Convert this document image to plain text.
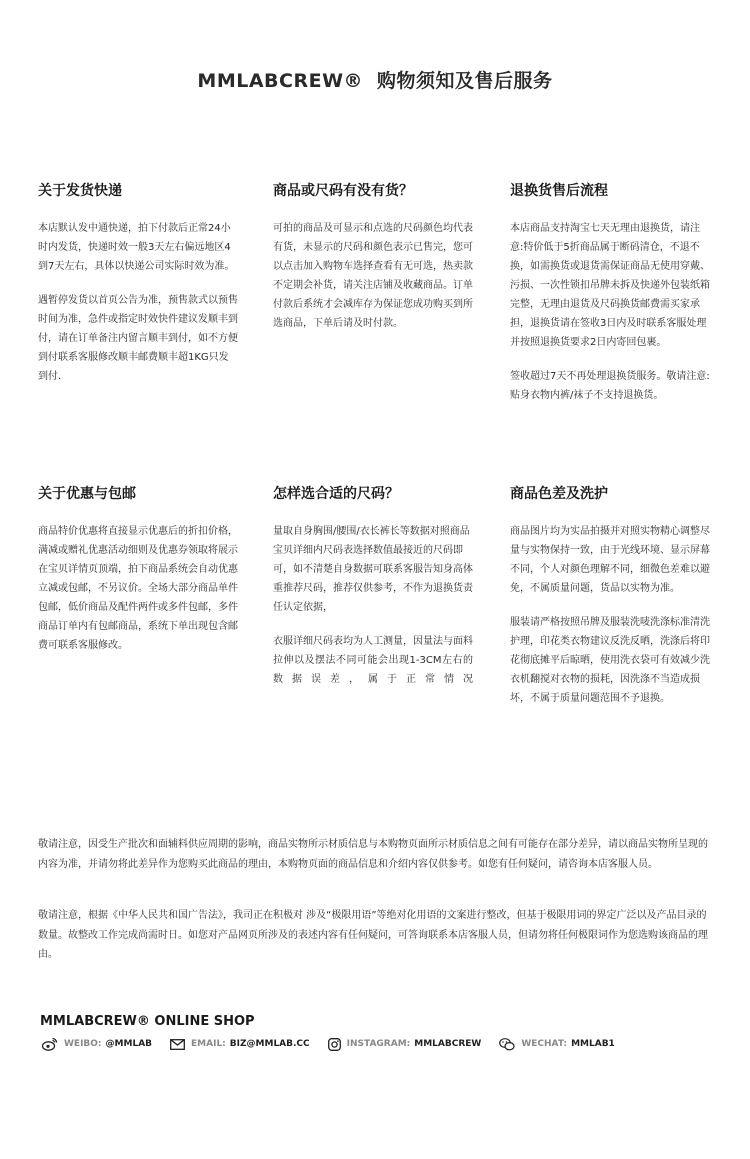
MMLABCREW® 购物须知及售后服务
关于发货快递

本店默认发中通快递，拍下付款后正常24小时内发货，快递时效一般3天左右偏远地区4到7天左右，具体以快递公司实际时效为准。

遇暂停发货以首页公告为准，预售款式以预售时间为准，急件或指定时效快件建议发顺丰到付，请在订单备注内留言顺丰到付，如不方便到付联系客服修改顺丰邮费顺丰超1KG只发到付.

商品或尺码有没有货？

可拍的商品及可显示和点选的尺码颜色均代表有货，未显示的尺码和颜色表示已售完，您可以点击加入购物车选择查看有无可选，热卖款不定期会补货，请关注店铺及收藏商品。订单付款后系统才会减库存为保证您成功购买到所选商品，下单后请及时付款。

退换货售后流程

本店商品支持淘宝七天无理由退换货，请注意:特价低于5折商品属于断码清仓，不退不换，如需换货或退货需保证商品无使用穿戴、污损、一次性锁扣吊牌未拆及快递外包装纸箱完整，无理由退货及尺码换货邮费需买家承担，退换货请在签收3日内及时联系客服处理并按照退换货要求2日内寄回包裹。

签收超过7天不再处理退换货服务。敬请注意:贴身衣物内裤/袜子不支持退换货。

关于优惠与包邮

商品特价优惠将直接显示优惠后的折扣价格，满减或赠礼优惠活动细则及优惠券领取将展示在宝贝详情页顶端，拍下商品系统会自动优惠立减或包邮，不另议价。全场大部分商品单件包邮，低价商品及配件两件或多件包邮，多件商品订单内有包邮商品，系统下单出现包含邮费可联系客服修改。

怎样选合适的尺码？

量取自身胸围/腰围/衣长裤长等数据对照商品宝贝详细内尺码表选择数值最接近的尺码即可，如不清楚自身数据可联系客服告知身高体重推荐尺码，推荐仅供参考，不作为退换货责任认定依据，

衣服详细尺码表均为人工测量，因量法与面料拉伸以及摆法不同可能会出现1-3CM左右的数据误差，属于正常情况

商品色差及洗护

商品图片均为实品拍摄并对照实物精心调整尽量与实物保持一致，由于光线环境、显示屏幕不同，个人对颜色理解不同，细微色差难以避免，不属质量问题，货品以实物为准。

服装请严格按照吊牌及服装洗唛洗涤标准清洗护理，印花类衣物建议反洗反晒，洗涤后将印花彻底摊平后晾晒，使用洗衣袋可有效减少洗衣机翻搅对衣物的损耗，因洗涤不当造成损坏，不属于质量问题范围不予退换。

敬请注意，因受生产批次和面辅料供应周期的影响，商品实物所示材质信息与本购物页面所示材质信息之间有可能存在部分差异，请以商品实物所呈现的内容为准，并请勿将此差异作为您购买此商品的理由，本购物页面的商品信息和介绍内容仅供参考。如您有任何疑问，请咨询本店客服人员。

敬请注意，根据《中华人民共和国广告法》，我司正在积极对 涉及“极限用语”等绝对化用语的文案进行整改，但基于极限用词的界定广泛以及产品目录的数量。故整改工作完成尚需时日。如您对产品网页所涉及的表述内容有任何疑问，可答询联系本店客服人员，但请勿将任何极限词作为您选购该商品的理由。

MMLABCREW® ONLINE SHOP
WEIBO: @MMLAB	EMAIL: BIZ@MMLAB.CC	INSTAGRAM: MMLABCREW	WECHAT: MMLAB1
